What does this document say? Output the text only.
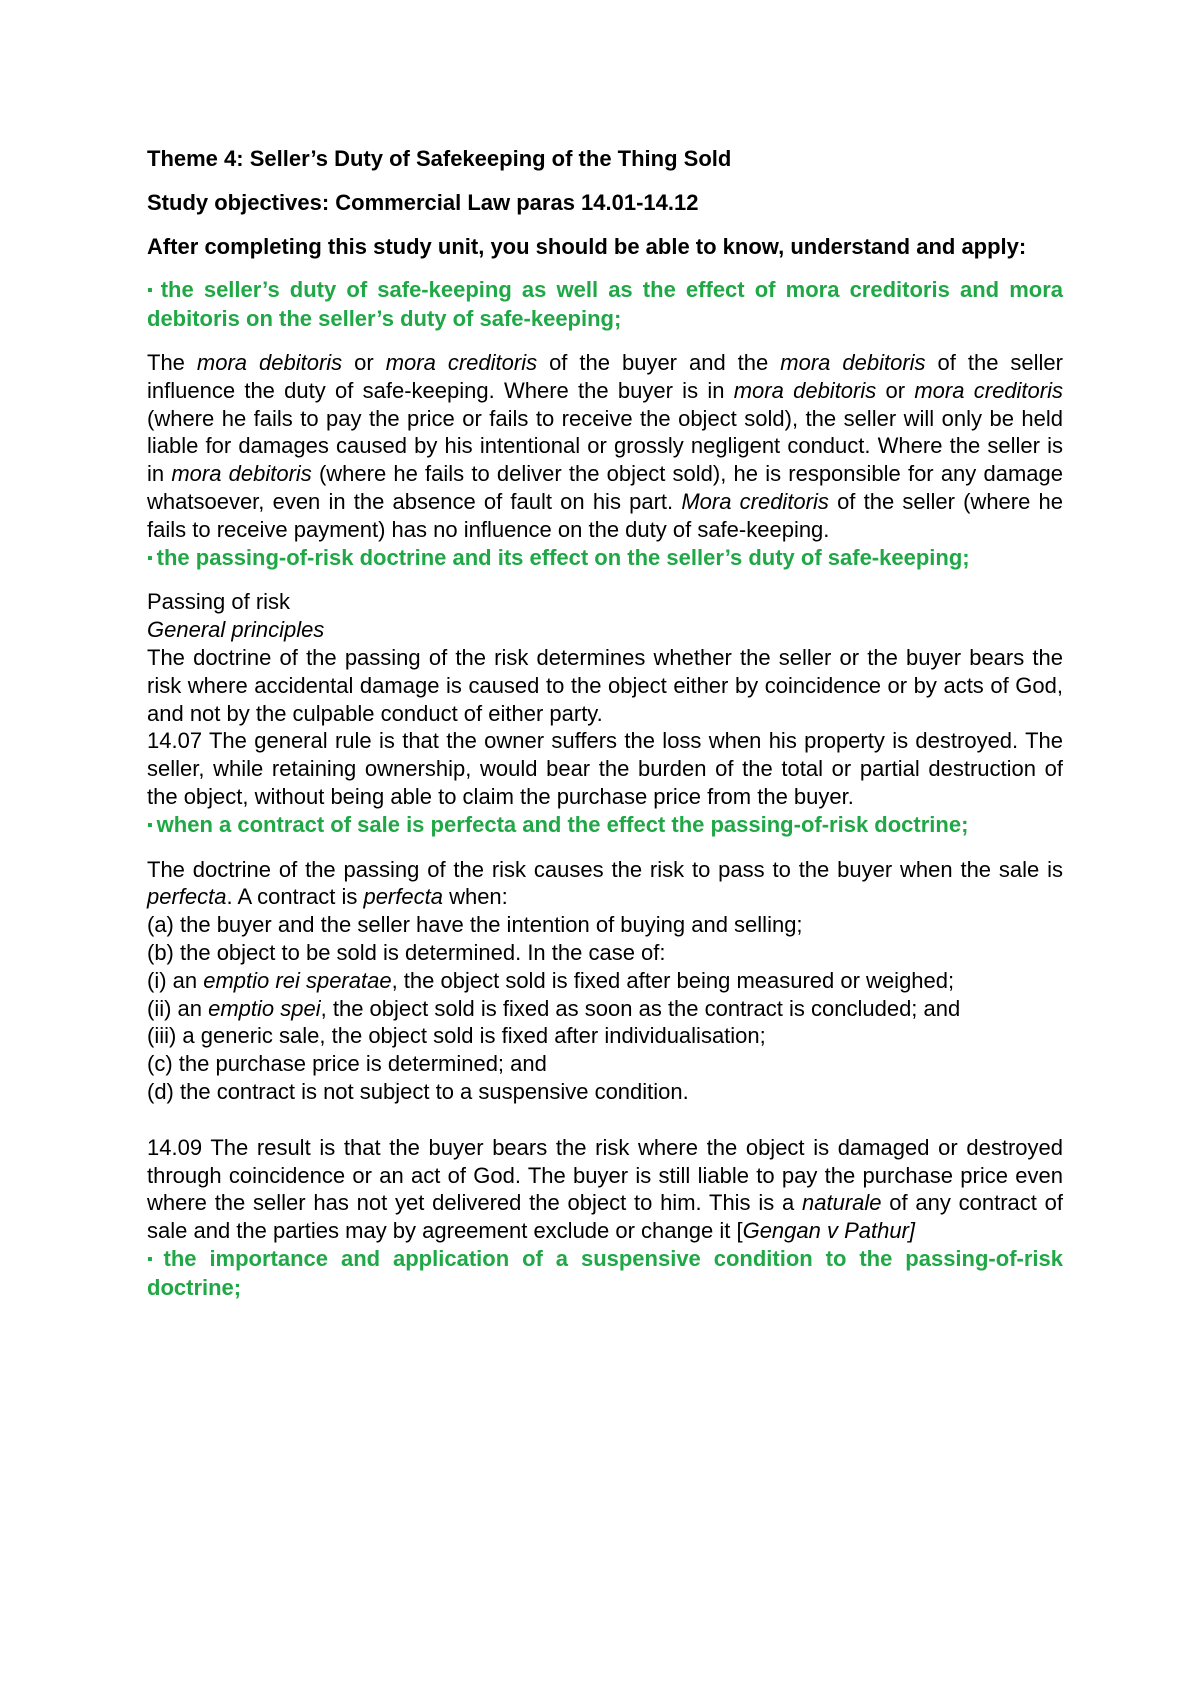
Theme 4: Seller’s Duty of Safekeeping of the Thing Sold

Study objectives: Commercial Law paras 14.01-14.12

After completing this study unit, you should be able to know, understand and apply:

▪ the seller’s duty of safe-keeping as well as the effect of mora creditoris and mora debitoris on the seller’s duty of safe-keeping;

The mora debitoris or mora creditoris of the buyer and the mora debitoris of the seller influence the duty of safe-keeping. Where the buyer is in mora debitoris or mora creditoris (where he fails to pay the price or fails to receive the object sold), the seller will only be held liable for damages caused by his intentional or grossly negligent conduct. Where the seller is in mora debitoris (where he fails to deliver the object sold), he is responsible for any damage whatsoever, even in the absence of fault on his part. Mora creditoris of the seller (where he fails to receive payment) has no influence on the duty of safe-keeping.

▪ the passing-of-risk doctrine and its effect on the seller’s duty of safe-keeping;

Passing of risk

General principles

The doctrine of the passing of the risk determines whether the seller or the buyer bears the risk where accidental damage is caused to the object either by coincidence or by acts of God, and not by the culpable conduct of either party.

14.07 The general rule is that the owner suffers the loss when his property is destroyed. The seller, while retaining ownership, would bear the burden of the total or partial destruction of the object, without being able to claim the purchase price from the buyer.

▪ when a contract of sale is perfecta and the effect the passing-of-risk doctrine;

The doctrine of the passing of the risk causes the risk to pass to the buyer when the sale is perfecta. A contract is perfecta when:

(a) the buyer and the seller have the intention of buying and selling;

(b) the object to be sold is determined. In the case of:

(i) an emptio rei speratae, the object sold is fixed after being measured or weighed;

(ii) an emptio spei, the object sold is fixed as soon as the contract is concluded; and

(iii) a generic sale, the object sold is fixed after individualisation;

(c) the purchase price is determined; and

(d) the contract is not subject to a suspensive condition.

14.09 The result is that the buyer bears the risk where the object is damaged or destroyed through coincidence or an act of God. The buyer is still liable to pay the purchase price even where the seller has not yet delivered the object to him. This is a naturale of any contract of sale and the parties may by agreement exclude or change it [Gengan v Pathur]

▪ the importance and application of a suspensive condition to the passing-of-risk doctrine;
